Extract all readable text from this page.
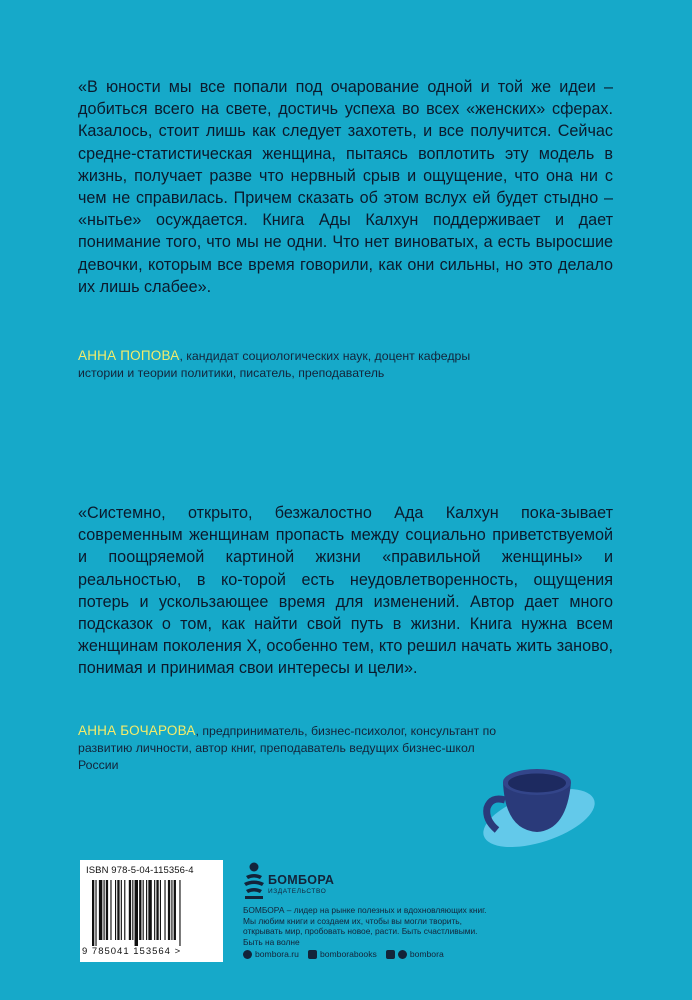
«В юности мы все попали под очарование одной и той же идеи – добиться всего на свете, достичь успеха во всех «женских» сферах. Казалось, стоит лишь как следует захотеть, и все получится. Сейчас средне-статистическая женщина, пытаясь воплотить эту модель в жизнь, получает разве что нервный срыв и ощущение, что она ни с чем не справилась. Причем сказать об этом вслух ей будет стыдно – «нытье» осуждается. Книга Ады Калхун поддерживает и дает понимание того, что мы не одни. Что нет виноватых, а есть выросшие девочки, которым все время говорили, как они сильны, но это делало их лишь слабее».

АННА ПОПОВА, кандидат социологических наук, доцент кафедры истории и теории политики, писатель, преподаватель

«Системно, открыто, безжалостно Ада Калхун пока-зывает современным женщинам пропасть между социально приветствуемой и поощряемой картиной жизни «правильной женщины» и реальностью, в ко-торой есть неудовлетворенность, ощущения потерь и ускользающее время для изменений. Автор дает много подсказок о том, как найти свой путь в жизни. Книга нужна всем женщинам поколения Х, особенно тем, кто решил начать жить заново, понимая и принимая свои интересы и цели».

АННА БОЧАРОВА, предприниматель, бизнес-психолог, консультант по развитию личности, автор книг, преподаватель ведущих бизнес-школ России
ISBN 978-5-04-115356-4
9 785041 153564 >
БОМБОРА
ИЗДАТЕЛЬСТВО
БОМБОРА – лидер на рынке полезных и вдохновляющих книг. Мы любим книги и создаем их, чтобы вы могли творить, открывать мир, пробовать новое, расти. Быть счастливыми. Быть на волне
bombora.ru bomborabooks	bombora
